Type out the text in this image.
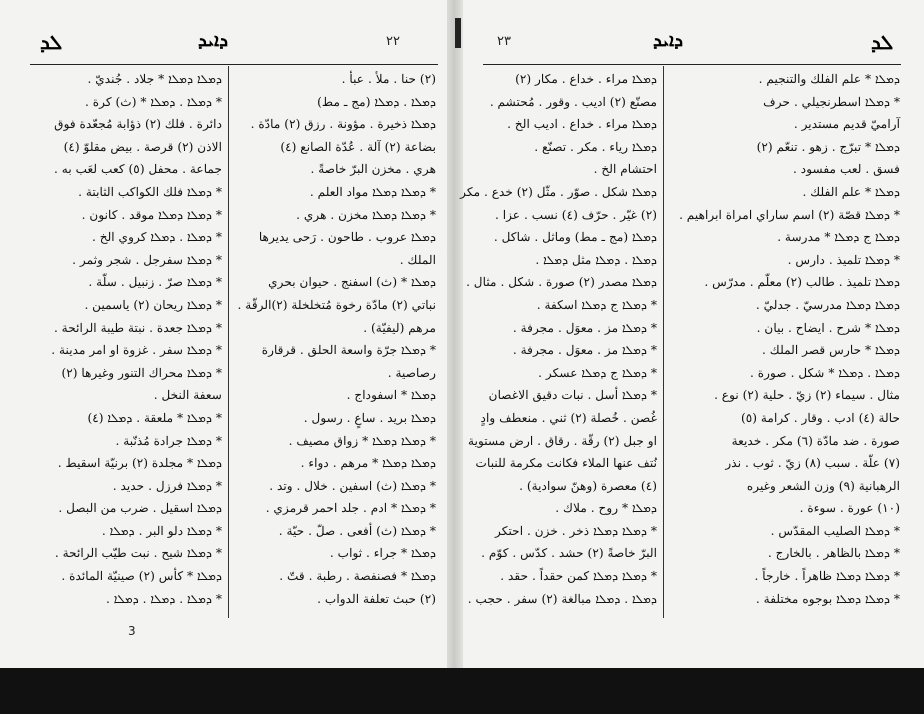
ܠܕ	ܕܐܝܕ	٢٢
(٢) حنا . ملأ . عبأ .
ܕܡܠܐ . ܕܡܠܐ (مج ـ مط)
ܕܡܠܐ ذخيرة . مؤونة . رزق (٢) مادّة .
بضاعة (٢) آلة . عُدّة الصانع (٤)
هري . مخزن البرّ خاصةً .
* ܕܡܠܐ ܕܡܠܐ مواد العلم .
* ܕܡܠܐ ܕܡܠܐ مخزن . هري .
ܕܡܠܐ عروب . طاحون . رَحى يديرها
الملك .
ܕܡܠܐ * (ث) اسفنج . حيوان بحري
نباتي (٢) مادّة رخوة مُتخلخلة (٢)الرقّة .
مرهم (ليفيّة) .
* ܕܡܠܐ جرّة واسعة الحلق . قرقارة
رصاصية .
ܕܡܠܐ * اسفوداج .
ܕܡܠܐ بريد . ساعٍ . رسول .
* ܕܡܠܐ ܕܡܠܐ * زواق مصيف .
ܕܡܠܐ ܕܡܠܐ * مرهم . دواء .
* ܕܡܠܐ (ث) اسفين . خلال . وتد .
* ܕܡܠܐ * ادم . جلد احمر قرمزي .
* ܕܡܠܐ (ث) أفعى . صلّ . حيّة .
ܕܡܠܐ * جراء . ثواب .
ܕܡܠܐ * فصنفصة . رطبة . قتّ .
(٢) حبث تعلفة الدواب .
ܕܡܠܐ ܕܡܠܐ * جلاد . جُنديّ .
* ܕܡܠܐ . ܕܡܠܐ * (ث) كرة .
دائرة . فلك (٢) ذؤابة مُجعّدة فوق
الاذن (٢) قرصة . بيض مقلوّ (٤)
جماعة . محفل (٥) كعب لعَب به .
* ܕܡܠܐ فلك الكواكب الثابتة .
* ܕܡܠܐ ܕܡܠܐ موقد . كانون .
* ܕܡܠܐ . ܕܡܠܐ كروي الخ .
* ܕܡܠܐ سفرجل . شجر وثمر .
* ܕܡܠܐ صرّ . زنبيل . سلّة .
* ܕܡܠܐ ريحان (٢) ياسمين .
* ܕܡܠܐ جعدة . نبتة طيبة الرائحة .
* ܕܡܠܐ سفر . غزوة او امر مدينة .
* ܕܡܠܐ محراك التنور وغيرها (٢)
سعفة النخل .
* ܕܡܠܐ * ملعقة . ܕܡܠܐ (٤)
* ܕܡܠܐ جرادة مُذنّبة .
ܕܡܠܐ * مجلدة (٢) برنيّة اسقيط .
* ܕܡܠܐ فرزل . حديد .
ܕܡܠܐ اسقيل . ضرب من البصل .
* ܕܡܠܐ دلو البر . ܕܡܠܐ .
* ܕܡܠܐ شيح . نبت طيّب الرائحة .
ܕܡܠܐ * كأس (٢) صينيّة المائدة .
* ܕܡܠܐ . ܕܡܠܐ . ܕܡܠܐ .
3
٢٣	ܕܐܝܕ	ܠܕ
ܕܡܠܐ * علم الفلك والتنجيم .
* ܕܡܠܐ اسطرنجيلي . حرف
آراميّ قديم مستدير .
ܕܡܠܐ * تبرّج . زهو . تنعّم (٢)
فسق . لعب مفسود .
ܕܡܠܐ * علم الفلك .
* ܕܡܠܐ قصّة (٢) اسم ساراي امراة ابراهيم .
ܕܡܠܐ ج ܕܡܠܐ * مدرسة .
* ܕܡܠܐ تلميذ . دارس .
ܕܡܠܐ تلميذ . طالب (٢) معلّم . مدرّس .
ܕܡܠܐ ܕܡܠܐ مدرسيّ . جدليّ .
ܕܡܠܐ * شرح . ايضاح . بيان .
ܕܡܠܐ * حارس قصر الملك .
ܕܡܠܐ . ܕܡܠܐ * شكل . صورة .
مثال . سيماء (٢) زيّ . حلية (٢) نوع .
حالة (٤) ادب . وقار . كرامة (٥)
صورة . ضد مادّة (٦) مكر . خديعة
(٧) علّة . سبب (٨) زيّ . ثوب . نذر
الرهبانية (٩) وزن الشعر وغيره
(١٠) عورة . سوءة .
* ܕܡܠܐ الصليب المقدّس .
* ܕܡܠܐ بالظاهر . بالخارج .
* ܕܡܠܐ ܕܡܠܐ ظاهراً . خارجاً .
* ܕܡܠܐ ܕܡܠܐ بوجوه مختلفة .
ܕܡܠܐ مراء . خداع . مكار (٢)
مصنّع (٢) اديب . وقور . مُحتشم .
ܕܡܠܐ مراء . خداع . اديب الخ .
ܕܡܠܐ رياء . مكر . تصنّع .
احتشام الخ .
ܕܡܠܐ شكل . صوّر . مثّل (٢) خدع . مكر
(٢) غيّر . حرّف (٤) نسب . عزا .
ܕܡܠܐ (مج ـ مط) وماثل . شاكل .
ܕܡܠܐ . ܕܡܠܐ مثل ܕܡܠܐ .
ܕܡܠܐ مصدر (٢) صورة . شكل . مثال .
* ܕܡܠܐ ج ܕܡܠܐ اسكفة .
* ܕܡܠܐ مز . معوَل . مجرفة .
* ܕܡܠܐ مز . معوَل . مجرفة .
* ܕܡܠܐ ج ܕܡܠܐ عسكر .
* ܕܡܠܐ أسل . نبات دقيق الاغصان
غُصن . خُصلة (٢) ثني . منعطف وادٍ
او جبل (٢) رقّة . رقاق . ارض مستوية
نُتف عنها الملاء فكانت مكرمة للنبات
(٤) معصرة (وهنّ سوادية) .
ܕܡܠܐ * روح . ملاك .
* ܕܡܠܐ ܕܡܠܐ ذخر . خزن . احتكر
البرّ خاصةً (٢) حشد . كدّس . كوّم .
* ܕܡܠܐ ܕܡܠܐ كمن حقداً . حقد .
ܕܡܠܐ . ܕܡܠܐ مبالغة (٢) سفر . حجب .
